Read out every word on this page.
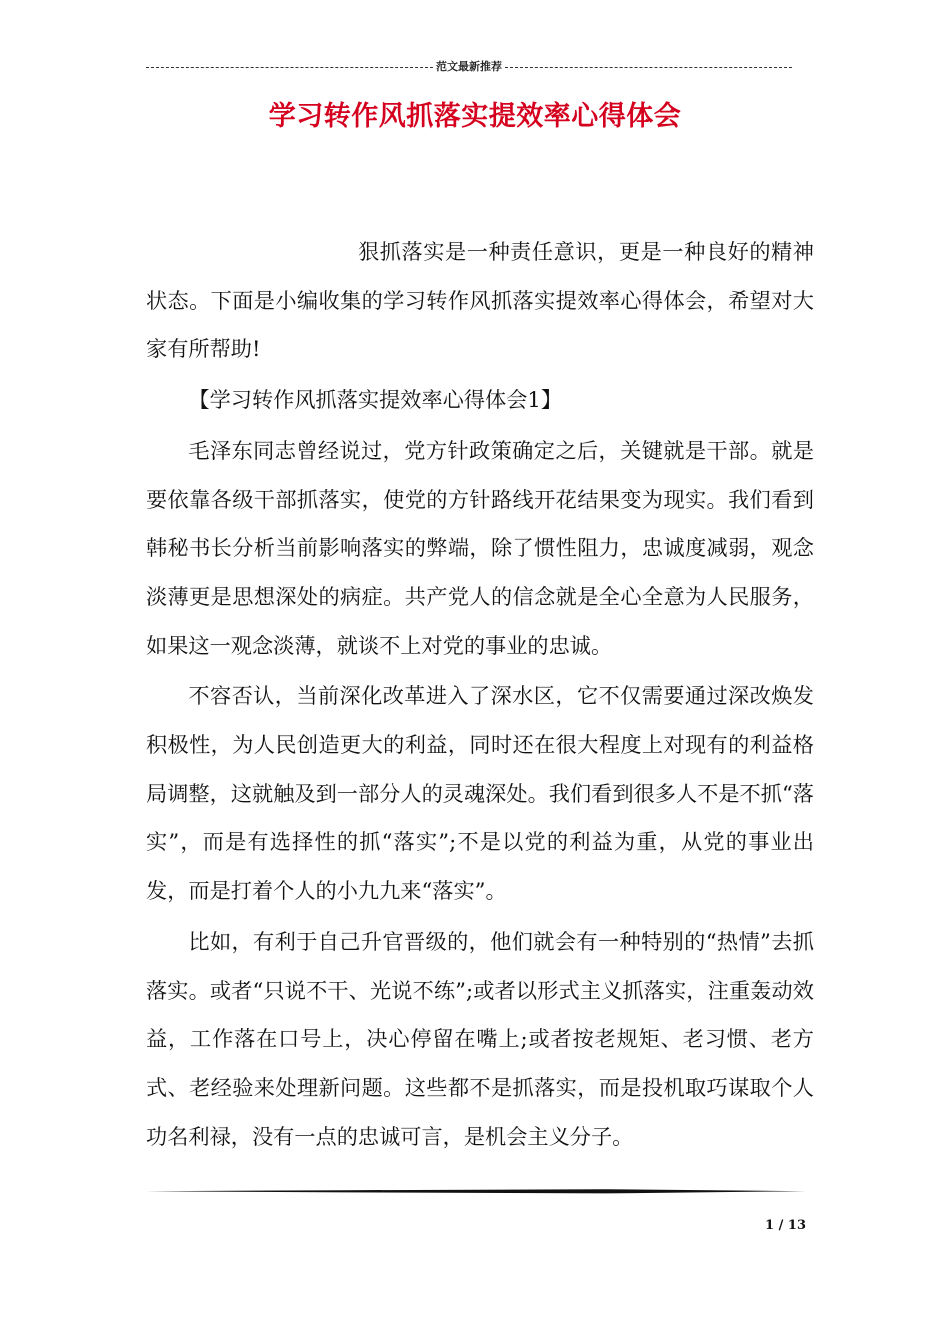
范文最新推荐
学习转作风抓落实提效率心得体会

狠抓落实是一种责任意识，更是一种良好的精神状态。下面是小编收集的学习转作风抓落实提效率心得体会，希望对大家有所帮助!

【学习转作风抓落实提效率心得体会1】

毛泽东同志曾经说过，党方针政策确定之后，关键就是干部。就是要依靠各级干部抓落实，使党的方针路线开花结果变为现实。我们看到韩秘书长分析当前影响落实的弊端，除了惯性阻力，忠诚度减弱，观念淡薄更是思想深处的病症。共产党人的信念就是全心全意为人民服务，如果这一观念淡薄，就谈不上对党的事业的忠诚。

不容否认，当前深化改革进入了深水区，它不仅需要通过深改焕发积极性，为人民创造更大的利益，同时还在很大程度上对现有的利益格局调整，这就触及到一部分人的灵魂深处。我们看到很多人不是不抓“落实”，而是有选择性的抓“落实”;不是以党的利益为重，从党的事业出发，而是打着个人的小九九来“落实”。

比如，有利于自己升官晋级的，他们就会有一种特别的“热情”去抓落实。或者“只说不干、光说不练”;或者以形式主义抓落实，注重轰动效益，工作落在口号上，决心停留在嘴上;或者按老规矩、老习惯、老方式、老经验来处理新问题。这些都不是抓落实，而是投机取巧谋取个人功名利禄，没有一点的忠诚可言，是机会主义分子。

1 / 13
